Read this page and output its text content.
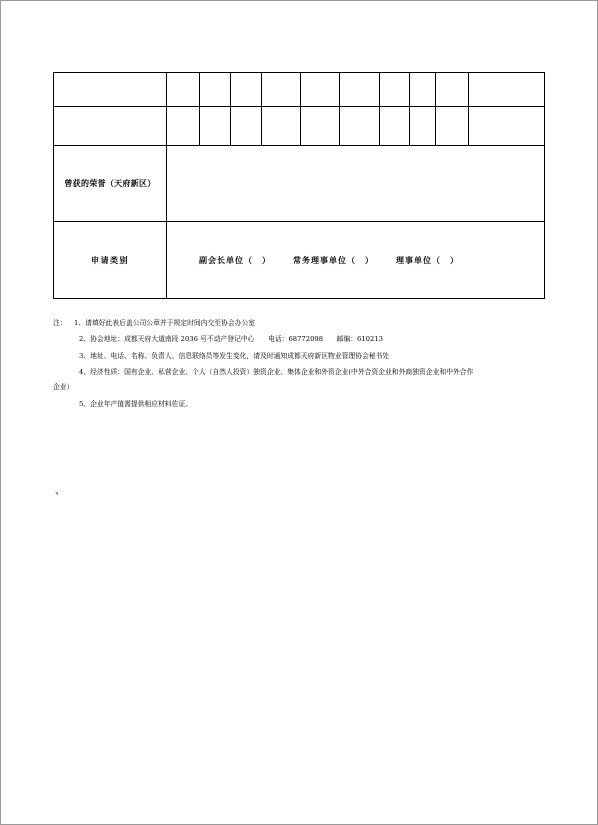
曾获的荣誉（天府新区）										
申请类别	副会长单位（　） 常务理事单位（　） 理事单位（　）									
注： 1、请填好此表后盖公司公章并于规定时间内交至协会办公室
2、协会地址：成都天府大道南段 2036 号不动产登记中心　　电话：68772098　　邮编：610213
3、地址、电话、名称、负责人、信息联络员等发生变化，请及时通知成都天府新区物业管理协会秘书处
4、经济性质：国有企业、私营企业、个人（自然人投资）独资企业、集体企业和外资企业(中外合资企业和外商独资企业和中外合作
企业）
5、企业年产值需提供相应材料佐证。
、
